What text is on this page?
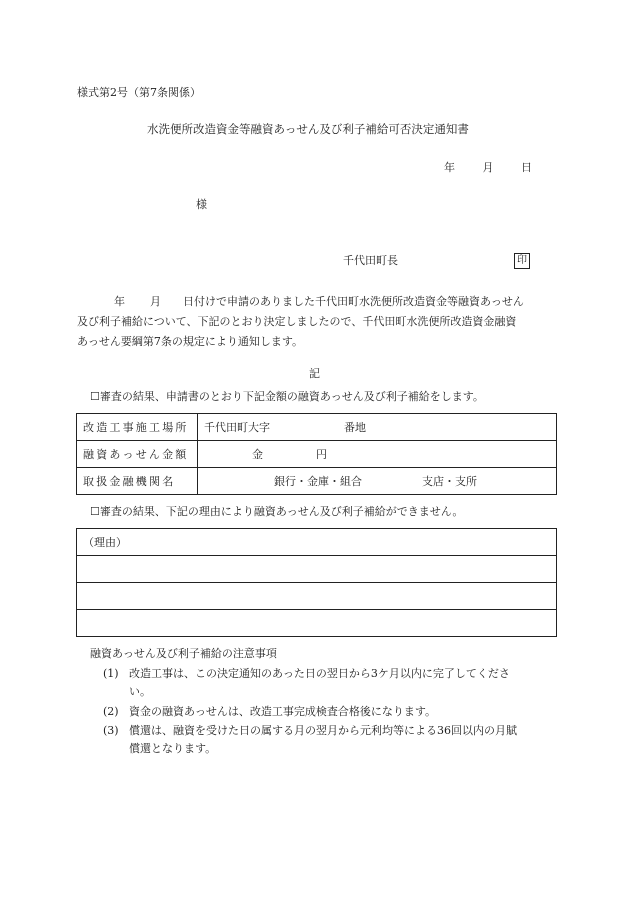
様式第2号（第7条関係）
水洗便所改造資金等融資あっせん及び利子補給可否決定通知書
年	月	日
様
千代田町長	印
年 月 日付けで申請のありました千代田町水洗便所改造資金等融資あっせん
及び利子補給について、下記のとおり決定しましたので、千代田町水洗便所改造資金融資
あっせん要綱第7条の規定により通知します。
記
☐審査の結果、申請書のとおり下記金額の融資あっせん及び利子補給をします。
改造工事施工場所	千代田町大字 番地
融資あっせん金額	金 円
取扱金融機関名	銀行・金庫・組合 支店・支所
☐審査の結果、下記の理由により融資あっせん及び利子補給ができません。
（理由）

融資あっせん及び利子補給の注意事項
(1) 改造工事は、この決定通知のあった日の翌日から3ケ月以内に完了してくださ
い。
(2) 資金の融資あっせんは、改造工事完成検査合格後になります。
(3) 償還は、融資を受けた日の属する月の翌月から元利均等による36回以内の月賦
償還となります。
